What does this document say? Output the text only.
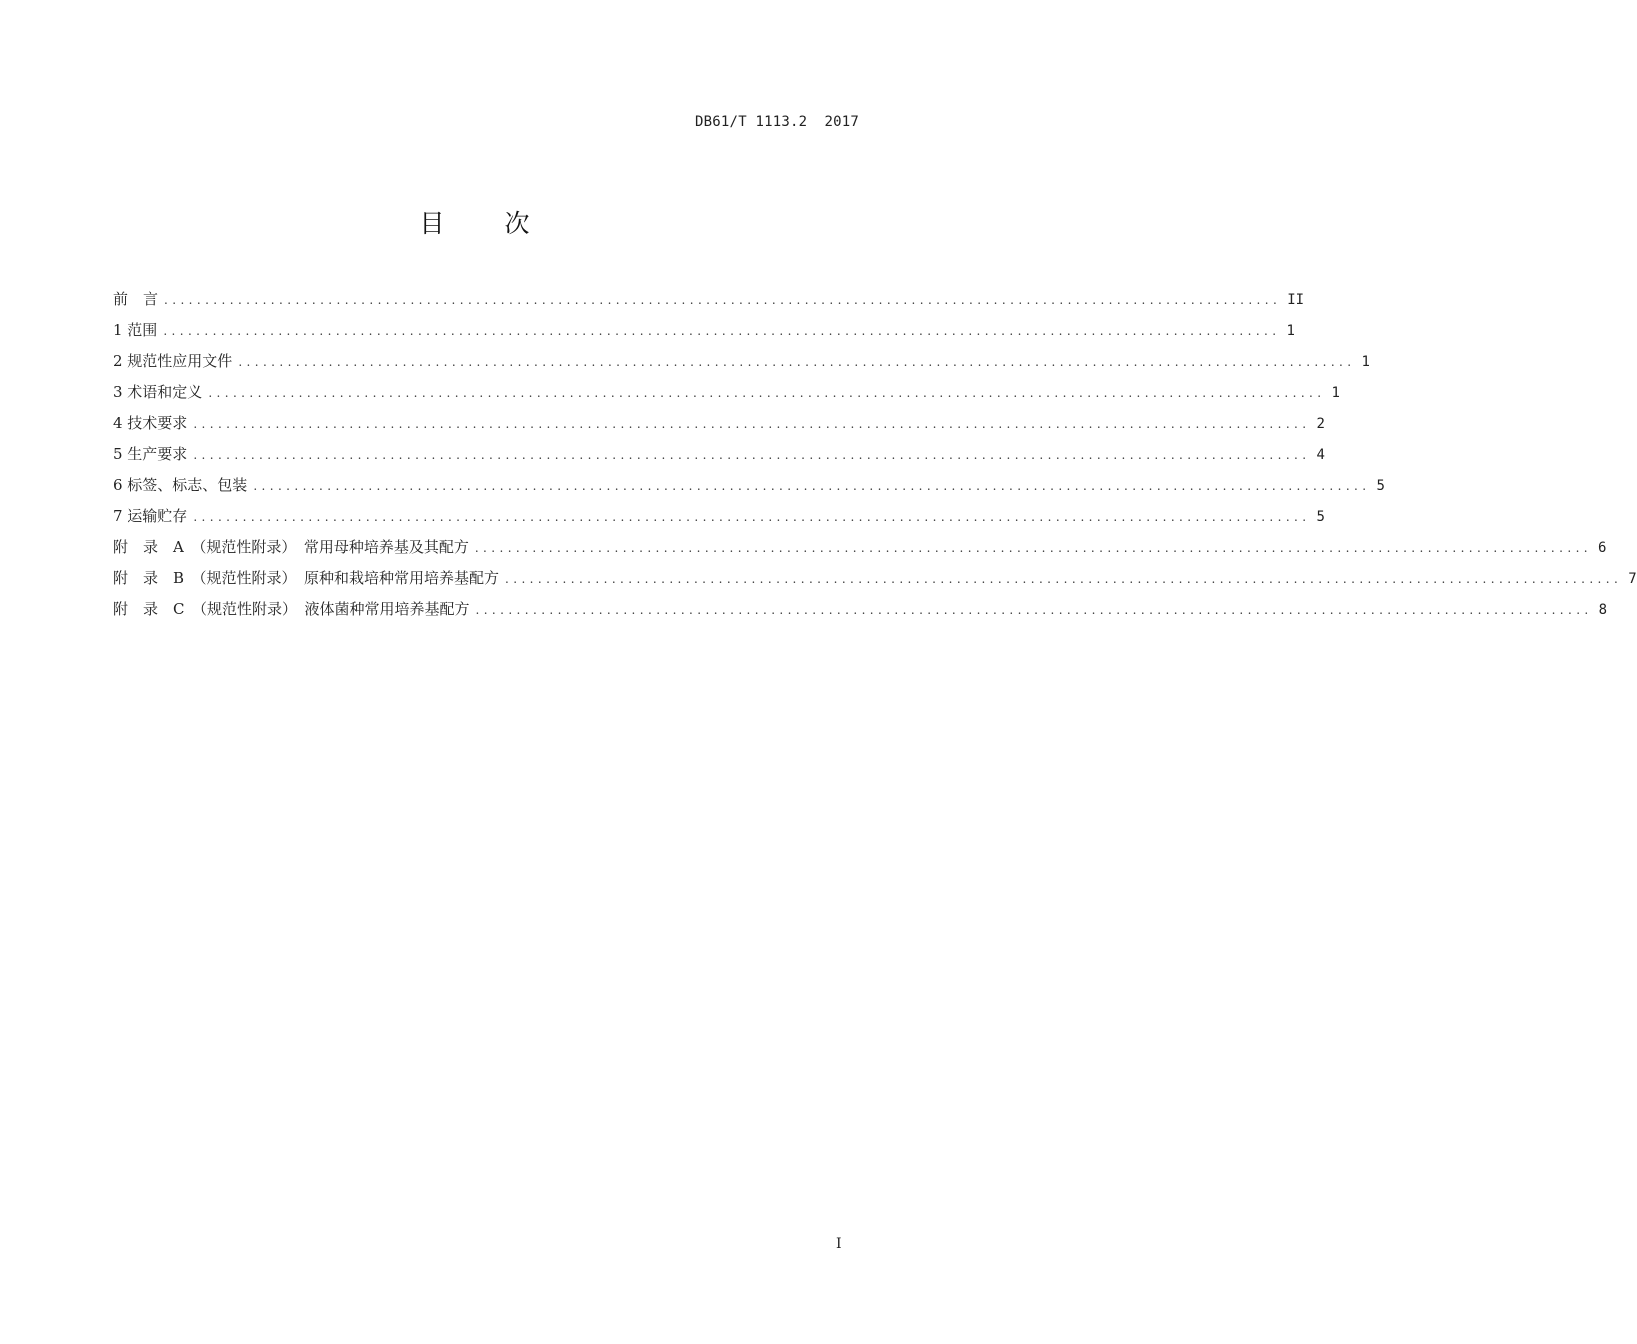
DB61/T 1113.2  2017
目 次
前　言 ........................................................................................................................................ II
1 范围 ........................................................................................................................................ 1
2 规范性应用文件 ........................................................................................................................................ 1
3 术语和定义 ........................................................................................................................................ 1
4 技术要求 ........................................................................................................................................ 2
5 生产要求 ........................................................................................................................................ 4
6 标签、标志、包装 ........................................................................................................................................ 5
7 运输贮存 ........................................................................................................................................ 5
附　录　A　（规范性附录）　常用母种培养基及其配方 ........................................................................................................................................ 6
附　录　B　（规范性附录）　原种和栽培种常用培养基配方 ........................................................................................................................................ 7
附　录　C　（规范性附录）　液体菌种常用培养基配方 ........................................................................................................................................ 8
I
